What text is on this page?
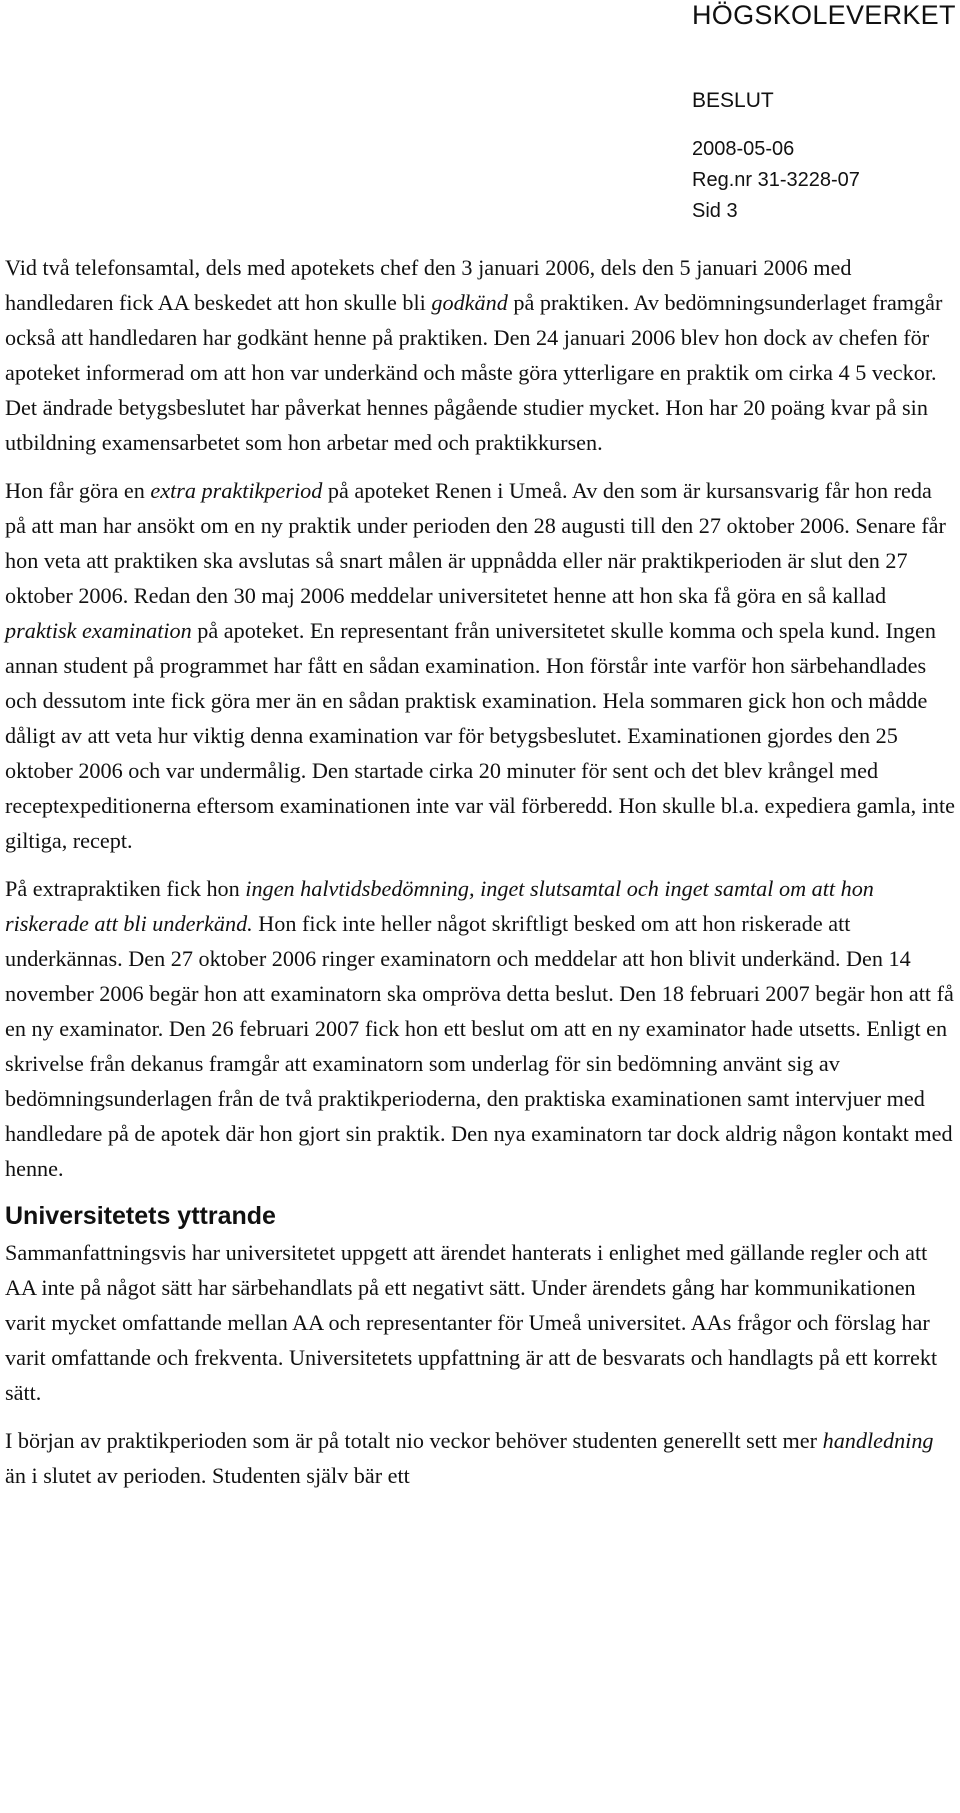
HÖGSKOLEVERKET
BESLUT
2008-05-06
Reg.nr 31-3228-07
Sid 3

Vid två telefonsamtal, dels med apotekets chef den 3 januari 2006, dels den 5 januari 2006 med handledaren fick AA beskedet att hon skulle bli godkänd på praktiken. Av bedömningsunderlaget framgår också att handledaren har godkänt henne på praktiken. Den 24 januari 2006 blev hon dock av chefen för apoteket informerad om att hon var underkänd och måste göra ytterligare en praktik om cirka 4 5 veckor. Det ändrade betygsbeslutet har påverkat hennes pågående studier mycket. Hon har 20 poäng kvar på sin utbildning examensarbetet som hon arbetar med och praktikkursen.

Hon får göra en extra praktikperiod på apoteket Renen i Umeå. Av den som är kursansvarig får hon reda på att man har ansökt om en ny praktik under perioden den 28 augusti till den 27 oktober 2006. Senare får hon veta att praktiken ska avslutas så snart målen är uppnådda eller när praktikperioden är slut den 27 oktober 2006. Redan den 30 maj 2006 meddelar universitetet henne att hon ska få göra en så kallad praktisk examination på apoteket. En representant från universitetet skulle komma och spela kund. Ingen annan student på programmet har fått en sådan examination. Hon förstår inte varför hon särbehandlades och dessutom inte fick göra mer än en sådan praktisk examination. Hela sommaren gick hon och mådde dåligt av att veta hur viktig denna examination var för betygsbeslutet. Examinationen gjordes den 25 oktober 2006 och var undermålig. Den startade cirka 20 minuter för sent och det blev krångel med receptexpeditionerna eftersom examinationen inte var väl förberedd. Hon skulle bl.a. expediera gamla, inte giltiga, recept.

På extrapraktiken fick hon ingen halvtidsbedömning, inget slutsamtal och inget samtal om att hon riskerade att bli underkänd. Hon fick inte heller något skriftligt besked om att hon riskerade att underkännas. Den 27 oktober 2006 ringer examinatorn och meddelar att hon blivit underkänd. Den 14 november 2006 begär hon att examinatorn ska ompröva detta beslut. Den 18 februari 2007 begär hon att få en ny examinator. Den 26 februari 2007 fick hon ett beslut om att en ny examinator hade utsetts. Enligt en skrivelse från dekanus framgår att examinatorn som underlag för sin bedömning använt sig av bedömningsunderlagen från de två praktikperioderna, den praktiska examinationen samt intervjuer med handledare på de apotek där hon gjort sin praktik. Den nya examinatorn tar dock aldrig någon kontakt med henne.

Universitetets yttrande

Sammanfattningsvis har universitetet uppgett att ärendet hanterats i enlighet med gällande regler och att AA inte på något sätt har särbehandlats på ett negativt sätt. Under ärendets gång har kommunikationen varit mycket omfattande mellan AA och representanter för Umeå universitet. AAs frågor och förslag har varit omfattande och frekventa. Universitetets uppfattning är att de besvarats och handlagts på ett korrekt sätt.

I början av praktikperioden som är på totalt nio veckor behöver studenten generellt sett mer handledning än i slutet av perioden. Studenten själv bär ett
